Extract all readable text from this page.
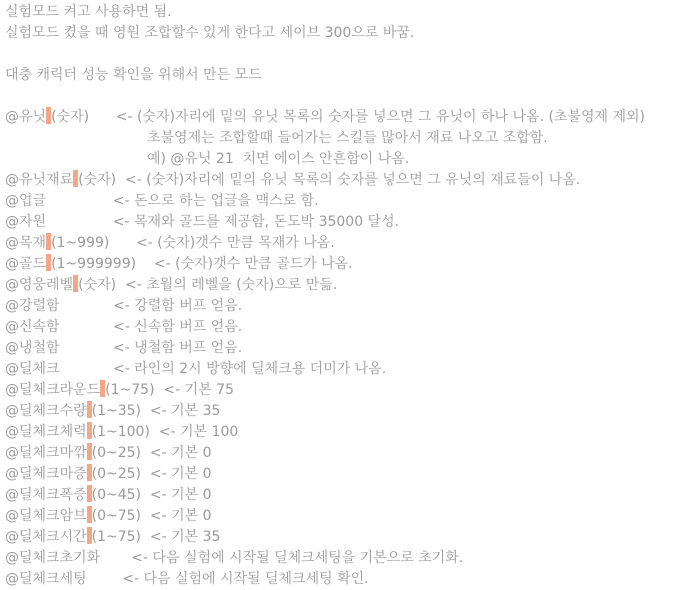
실험모드 켜고 사용하면 됨.
실험모드 켰을 때 영원 조합할수 있게 한다고 세이브 300으로 바꿈.

대충 캐릭터 성능 확인을 위해서 만든 모드

@유닛 (숫자)      <- (숫자)자리에 밑의 유닛 목록의 숫자를 넣으면 그 유닛이 하나 나옴. (초불영제 제외)
초불영제는 조합할때 들어가는 스킬들 많아서 재료 나오고 조합함.
예) @유닛 21  치면 에이스 안흔함이 나옴.
@유닛재료 (숫자)  <- (숫자)자리에 밑의 유닛 목록의 숫자를 넣으면 그 유닛의 재료들이 나옴.
@업글               <- 돈으로 하는 업글을 맥스로 함.
@자원               <- 목재와 골드를 제공함, 돈도박 35000 달성.
@목재 (1~999)      <- (숫자)갯수 만큼 목재가 나옴.
@골드 (1~999999)    <- (숫자)갯수 만큼 골드가 나옴.
@영웅레벨 (숫자)  <- 초월의 레벨을 (숫자)으로 만듦.
@강렬함            <- 강렬함 버프 얻음.
@신속함            <- 신속함 버프 얻음.
@냉철함            <- 냉철함 버프 얻음.
@딜체크            <- 라인의 2시 방향에 딜체크용 더미가 나옴.
@딜체크라운드 (1~75)  <- 기본 75
@딜체크수량 (1~35)  <- 기본 35
@딜체크체력 (1~100)  <- 기본 100
@딜체크마깎 (0~25)  <- 기본 0
@딜체크마증 (0~25)  <- 기본 0
@딜체크폭증 (0~45)  <- 기본 0
@딜체크암브 (0~75)  <- 기본 0
@딜체크시간 (1~75)  <- 기본 35
@딜체크초기화       <- 다음 실험에 시작될 딜체크세팅을 기본으로 초기화.
@딜체크세팅        <- 다음 실험에 시작될 딜체크세팅 확인.
